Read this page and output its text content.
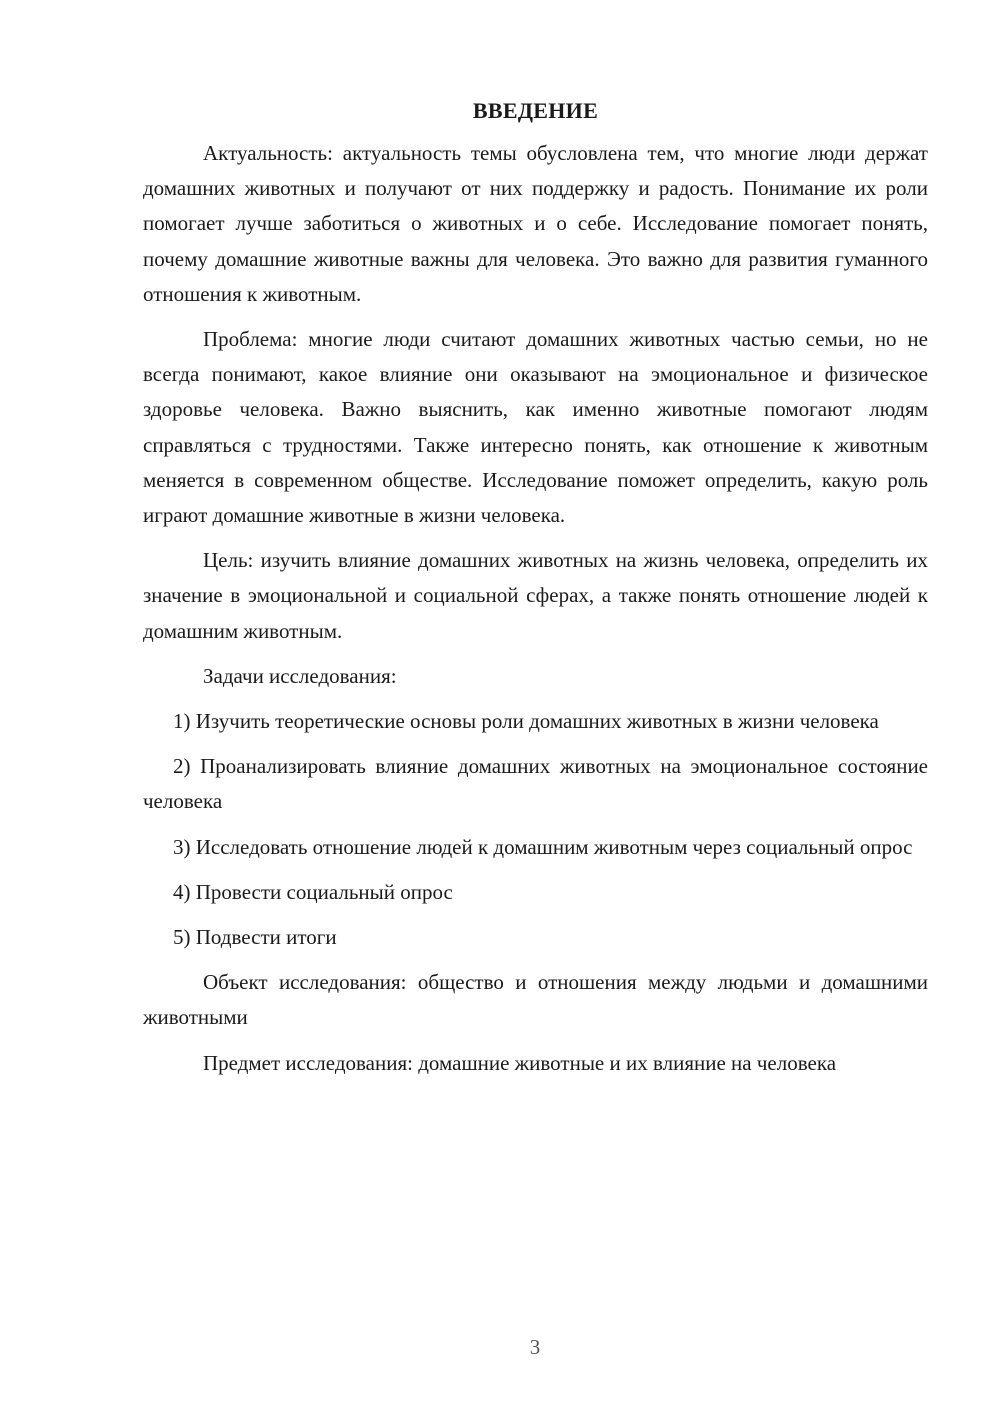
ВВЕДЕНИЕ

Актуальность: актуальность темы обусловлена тем, что многие люди держат домашних животных и получают от них поддержку и радость. Понимание их роли помогает лучше заботиться о животных и о себе. Исследование помогает понять, почему домашние животные важны для человека. Это важно для развития гуманного отношения к животным.

Проблема: многие люди считают домашних животных частью семьи, но не всегда понимают, какое влияние они оказывают на эмоциональное и физическое здоровье человека. Важно выяснить, как именно животные помогают людям справляться с трудностями. Также интересно понять, как отношение к животным меняется в современном обществе. Исследование поможет определить, какую роль играют домашние животные в жизни человека.

Цель: изучить влияние домашних животных на жизнь человека, определить их значение в эмоциональной и социальной сферах, а также понять отношение людей к домашним животным.

Задачи исследования:

1) Изучить теоретические основы роли домашних животных в жизни человека

2) Проанализировать влияние домашних животных на эмоциональное состояние человека

3) Исследовать отношение людей к домашним животным через социальный опрос

4) Провести социальный опрос

5) Подвести итоги

Объект исследования: общество и отношения между людьми и домашними животными

Предмет исследования: домашние животные и их влияние на человека

3
